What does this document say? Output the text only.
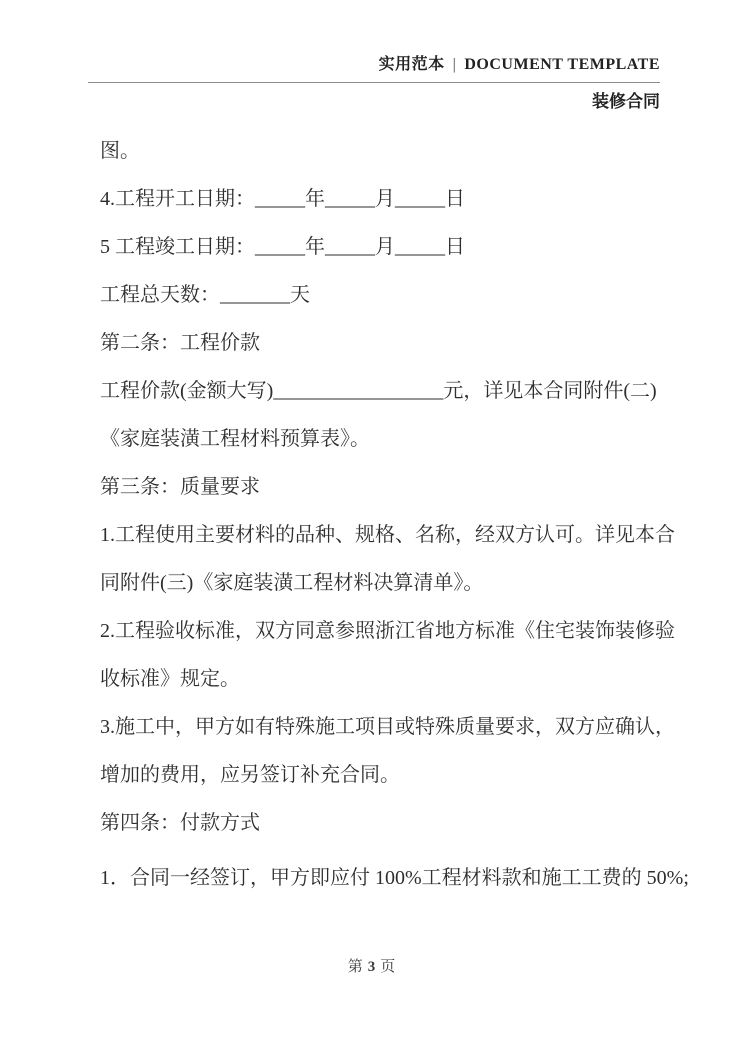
实用范本 | DOCUMENT TEMPLATE
装修合同
图。
4.工程开工日期：_____年_____月_____日
5 工程竣工日期：_____年_____月_____日
工程总天数：_______天
第二条：工程价款
工程价款(金额大写)_________________元，详见本合同附件(二)
《家庭装潢工程材料预算表》。
第三条：质量要求
1.工程使用主要材料的品种、规格、名称，经双方认可。详见本合
同附件(三)《家庭装潢工程材料决算清单》。
2.工程验收标准，双方同意参照浙江省地方标准《住宅装饰装修验
收标准》规定。
3.施工中，甲方如有特殊施工项目或特殊质量要求，双方应确认，
增加的费用，应另签订补充合同。
第四条：付款方式
1．合同一经签订，甲方即应付 100%工程材料款和施工工费的 50%;
第 3 页
